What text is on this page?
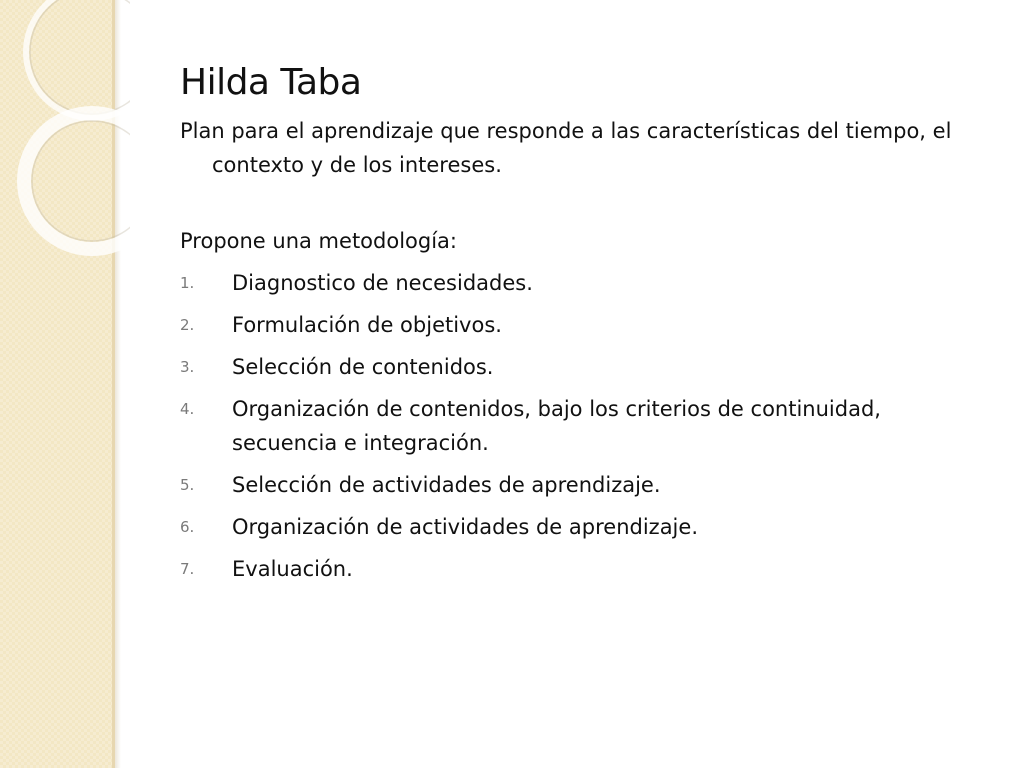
Hilda Taba

Plan para el aprendizaje que responde a las características del tiempo, el contexto y de los intereses.

Propone una metodología:

1.	Diagnostico de necesidades.
2.	Formulación de objetivos.
3.	Selección de contenidos.
4.	Organización de contenidos, bajo los criterios de continuidad, secuencia e integración.
5.	Selección de actividades de aprendizaje.
6.	Organización de actividades de aprendizaje.
7.	Evaluación.
